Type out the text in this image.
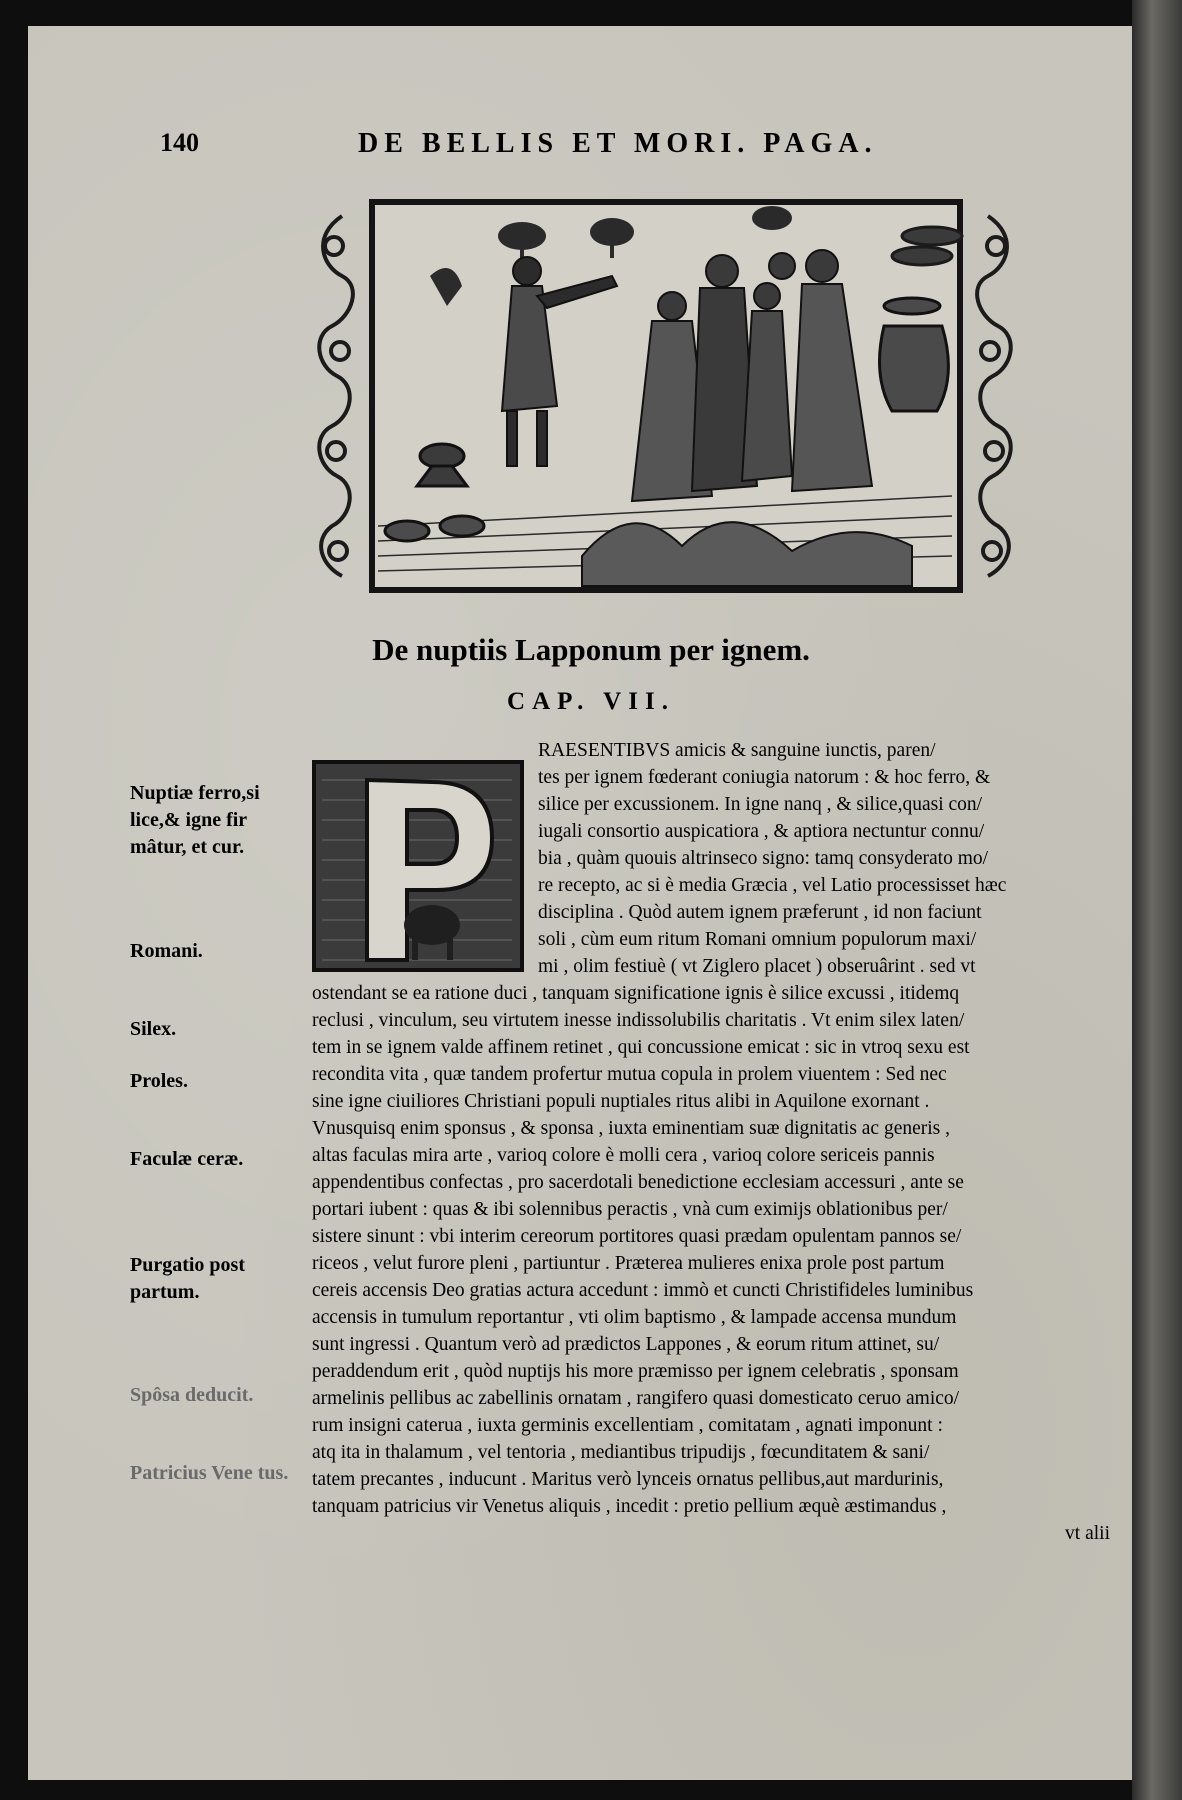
140	DE BELLIS ET MORI. PAGA.
De nuptiis Lapponum per ignem.
CAP. VII.
RAESENTIBVS amicis & sanguine iunctis, paren/
tes per ignem fœderant coniugia natorum : & hoc ferro, &
silice per excussionem. In igne nanq , & silice,quasi con/
iugali consortio auspicatiora , & aptiora nectuntur connu/
bia , quàm quouis altrinseco signo: tamq consyderato mo/
re recepto, ac si è media Græcia , vel Latio processisset hæc
disciplina . Quòd autem ignem præferunt , id non faciunt
soli , cùm eum ritum Romani omnium populorum maxi/
mi , olim festiuè ( vt Ziglero placet ) obseruârint . sed vt
ostendant se ea ratione duci , tanquam significatione ignis è silice excussi , itidemq
reclusi , vinculum, seu virtutem inesse indissolubilis charitatis . Vt enim silex laten/
tem in se ignem valde affinem retinet , qui concussione emicat : sic in vtroq sexu est
recondita vita , quæ tandem profertur mutua copula in prolem viuentem : Sed nec
sine igne ciuiliores Christiani populi nuptiales ritus alibi in Aquilone exornant .
Vnusquisq enim sponsus , & sponsa , iuxta eminentiam suæ dignitatis ac generis ,
altas faculas mira arte , varioq colore è molli cera , varioq colore sericeis pannis
appendentibus confectas , pro sacerdotali benedictione ecclesiam accessuri , ante se
portari iubent : quas & ibi solennibus peractis , vnà cum eximijs oblationibus per/
sistere sinunt : vbi interim cereorum portitores quasi prædam opulentam pannos se/
riceos , velut furore pleni , partiuntur . Præterea mulieres enixa prole post partum
cereis accensis Deo gratias actura accedunt : immò et cuncti Christifideles luminibus
accensis in tumulum reportantur , vti olim baptismo , & lampade accensa mundum
sunt ingressi . Quantum verò ad prædictos Lappones , & eorum ritum attinet, su/
peraddendum erit , quòd nuptijs his more præmisso per ignem celebratis , sponsam
armelinis pellibus ac zabellinis ornatam , rangifero quasi domesticato ceruo amico/
rum insigni caterua , iuxta germinis excellentiam , comitatam , agnati imponunt :
atq ita in thalamum , vel tentoria , mediantibus tripudijs , fœcunditatem & sani/
tatem precantes , inducunt . Maritus verò lynceis ornatus pellibus,aut mardurinis,
tanquam patricius vir Venetus aliquis , incedit : pretio pellium æquè æstimandus ,
vt alii
Nuptiæ ferro,si lice,& igne fir mâtur, et cur.
Romani.
Silex.
Proles.
Faculæ ceræ.
Purgatio post partum.
Spôsa deducit.
Patricius Vene tus.
